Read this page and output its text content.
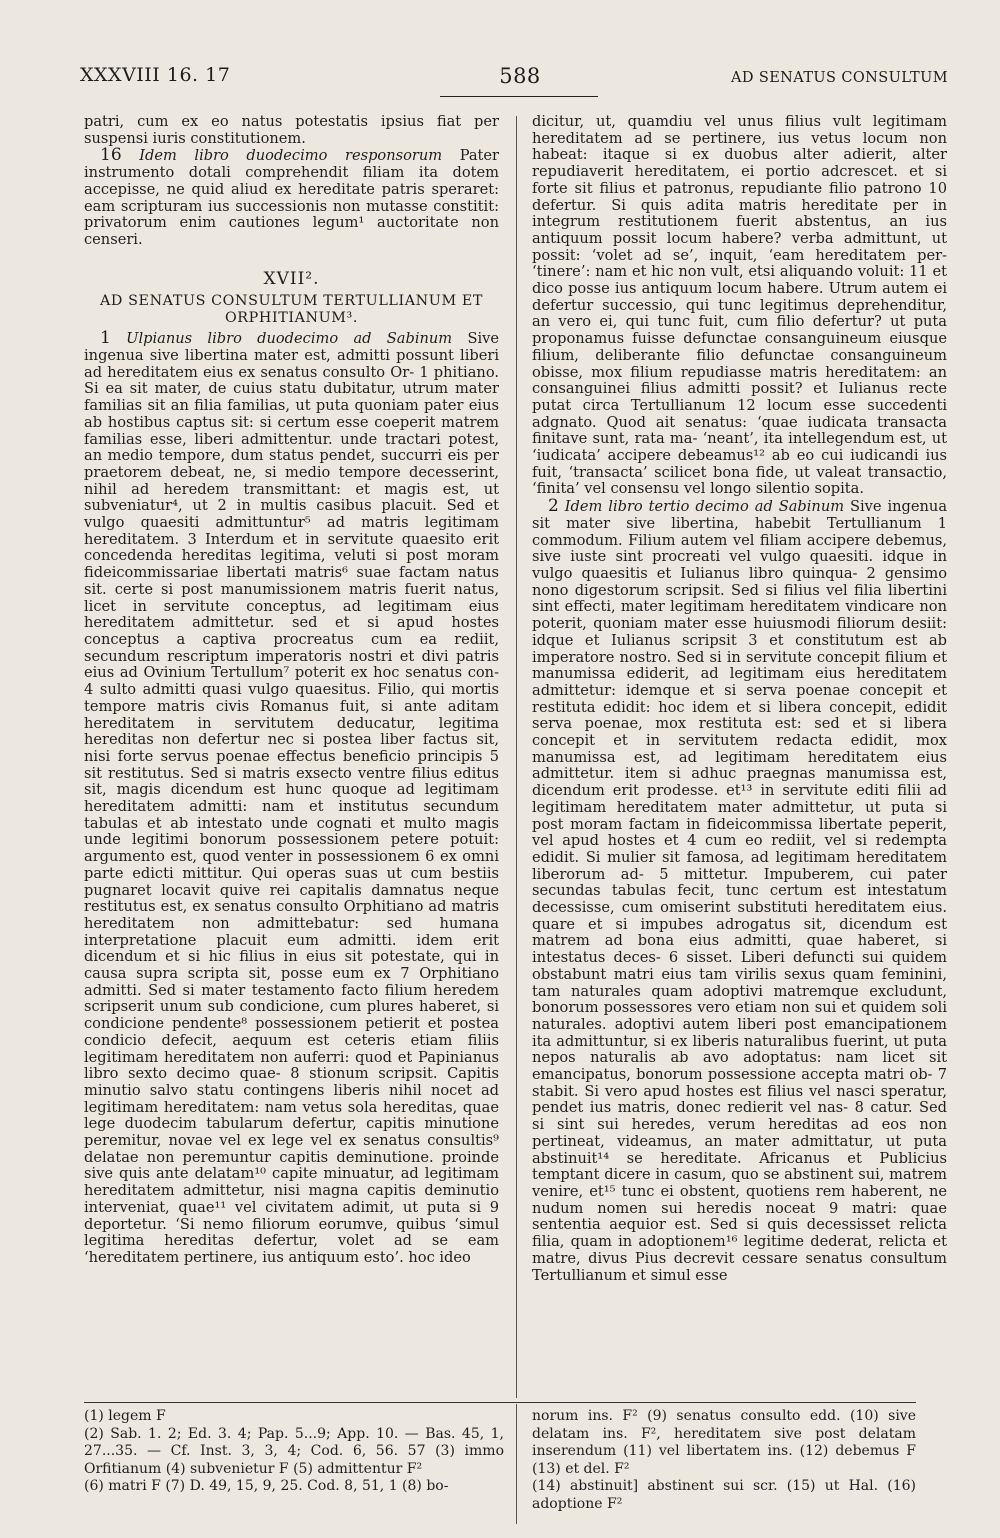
XXXVIII 16. 17	588	AD SENATUS CONSULTUM

patri, cum ex eo natus potestatis ipsius fiat per suspensi iuris constitutionem.

16 Idem libro duodecimo responsorum Pater instrumento dotali comprehendit filiam ita dotem accepisse, ne quid aliud ex hereditate patris speraret: eam scripturam ius successionis non mutasse constitit: privatorum enim cautiones legum¹ auctoritate non censeri.

XVII².

AD SENATUS CONSULTUM TERTULLIANUM ET ORPHITIANUM³.

1 Ulpianus libro duodecimo ad Sabinum Sive ingenua sive libertina mater est, admitti possunt liberi ad hereditatem eius ex senatus consulto Or- 1 phitiano. Si ea sit mater, de cuius statu dubitatur, utrum mater familias sit an filia familias, ut puta quoniam pater eius ab hostibus captus sit: si certum esse coeperit matrem familias esse, liberi admittentur. unde tractari potest, an medio tempore, dum status pendet, succurri eis per praetorem debeat, ne, si medio tempore decesserint, nihil ad heredem transmittant: et magis est, ut subveniatur⁴, ut 2 in multis casibus placuit. Sed et vulgo quaesiti admittuntur⁵ ad matris legitimam hereditatem. 3 Interdum et in servitute quaesito erit concedenda hereditas legitima, veluti si post moram fideicommissariae libertati matris⁶ suae factam natus sit. certe si post manumissionem matris fuerit natus, licet in servitute conceptus, ad legitimam eius hereditatem admittetur. sed et si apud hostes conceptus a captiva procreatus cum ea rediit, secundum rescriptum imperatoris nostri et divi patris eius ad Ovinium Tertullum⁷ poterit ex hoc senatus con- 4 sulto admitti quasi vulgo quaesitus. Filio, qui mortis tempore matris civis Romanus fuit, si ante aditam hereditatem in servitutem deducatur, legitima hereditas non defertur nec si postea liber factus sit, nisi forte servus poenae effectus beneficio principis 5 sit restitutus. Sed si matris exsecto ventre filius editus sit, magis dicendum est hunc quoque ad legitimam hereditatem admitti: nam et institutus secundum tabulas et ab intestato unde cognati et multo magis unde legitimi bonorum possessionem petere potuit: argumento est, quod venter in possessionem 6 ex omni parte edicti mittitur. Qui operas suas ut cum bestiis pugnaret locavit quive rei capitalis damnatus neque restitutus est, ex senatus consulto Orphitiano ad matris hereditatem non admittebatur: sed humana interpretatione placuit eum admitti. idem erit dicendum et si hic filius in eius sit potestate, qui in causa supra scripta sit, posse eum ex 7 Orphitiano admitti. Sed si mater testamento facto filium heredem scripserit unum sub condicione, cum plures haberet, si condicione pendente⁸ possessionem petierit et postea condicio defecit, aequum est ceteris etiam filiis legitimam hereditatem non auferri: quod et Papinianus libro sexto decimo quae- 8 stionum scripsit. Capitis minutio salvo statu contingens liberis nihil nocet ad legitimam hereditatem: nam vetus sola hereditas, quae lege duodecim tabularum defertur, capitis minutione peremitur, novae vel ex lege vel ex senatus consultis⁹ delatae non peremuntur capitis deminutione. proinde sive quis ante delatam¹⁰ capite minuatur, ad legitimam hereditatem admittetur, nisi magna capitis deminutio interveniat, quae¹¹ vel civitatem adimit, ut puta si 9 deportetur. ‘Si nemo filiorum eorumve, quibus ‘simul legitima hereditas defertur, volet ad se eam ‘hereditatem pertinere, ius antiquum esto’. hoc ideo

dicitur, ut, quamdiu vel unus filius vult legitimam hereditatem ad se pertinere, ius vetus locum non habeat: itaque si ex duobus alter adierit, alter repudiaverit hereditatem, ei portio adcrescet. et si forte sit filius et patronus, repudiante filio patrono 10 defertur. Si quis adita matris hereditate per in integrum restitutionem fuerit abstentus, an ius antiquum possit locum habere? verba admittunt, ut possit: ‘volet ad se’, inquit, ‘eam hereditatem per- ‘tinere’: nam et hic non vult, etsi aliquando voluit: 11 et dico posse ius antiquum locum habere. Utrum autem ei defertur successio, qui tunc legitimus deprehenditur, an vero ei, qui tunc fuit, cum filio defertur? ut puta proponamus fuisse defunctae consanguineum eiusque filium, deliberante filio defunctae consanguineum obisse, mox filium repudiasse matris hereditatem: an consanguinei filius admitti possit? et Iulianus recte putat circa Tertullianum 12 locum esse succedenti adgnato. Quod ait senatus: ‘quae iudicata transacta finitave sunt, rata ma- ‘neant’, ita intellegendum est, ut ‘iudicata’ accipere debeamus¹² ab eo cui iudicandi ius fuit, ‘transacta’ scilicet bona fide, ut valeat transactio, ‘finita’ vel consensu vel longo silentio sopita.

2 Idem libro tertio decimo ad Sabinum Sive ingenua sit mater sive libertina, habebit Tertullianum 1 commodum. Filium autem vel filiam accipere debemus, sive iuste sint procreati vel vulgo quaesiti. idque in vulgo quaesitis et Iulianus libro quinqua- 2 gensimo nono digestorum scripsit. Sed si filius vel filia libertini sint effecti, mater legitimam hereditatem vindicare non poterit, quoniam mater esse huiusmodi filiorum desiit: idque et Iulianus scripsit 3 et constitutum est ab imperatore nostro. Sed si in servitute concepit filium et manumissa ediderit, ad legitimam eius hereditatem admittetur: idemque et si serva poenae concepit et restituta edidit: hoc idem et si libera concepit, edidit serva poenae, mox restituta est: sed et si libera concepit et in servitutem redacta edidit, mox manumissa est, ad legitimam hereditatem eius admittetur. item si adhuc praegnas manumissa est, dicendum erit prodesse. et¹³ in servitute editi filii ad legitimam hereditatem mater admittetur, ut puta si post moram factam in fideicommissa libertate peperit, vel apud hostes et 4 cum eo rediit, vel si redempta edidit. Si mulier sit famosa, ad legitimam hereditatem liberorum ad- 5 mittetur. Impuberem, cui pater secundas tabulas fecit, tunc certum est intestatum decessisse, cum omiserint substituti hereditatem eius. quare et si impubes adrogatus sit, dicendum est matrem ad bona eius admitti, quae haberet, si intestatus deces- 6 sisset. Liberi defuncti sui quidem obstabunt matri eius tam virilis sexus quam feminini, tam naturales quam adoptivi matremque excludunt, bonorum possessores vero etiam non sui et quidem soli naturales. adoptivi autem liberi post emancipationem ita admittuntur, si ex liberis naturalibus fuerint, ut puta nepos naturalis ab avo adoptatus: nam licet sit emancipatus, bonorum possessione accepta matri ob- 7 stabit. Si vero apud hostes est filius vel nasci speratur, pendet ius matris, donec redierit vel nas- 8 catur. Sed si sint sui heredes, verum hereditas ad eos non pertineat, videamus, an mater admittatur, ut puta abstinuit¹⁴ se hereditate. Africanus et Publicius temptant dicere in casum, quo se abstinent sui, matrem venire, et¹⁵ tunc ei obstent, quotiens rem haberent, ne nudum nomen sui heredis noceat 9 matri: quae sententia aequior est. Sed si quis decessisset relicta filia, quam in adoptionem¹⁶ legitime dederat, relicta et matre, divus Pius decrevit cessare senatus consultum Tertullianum et simul esse

(1) legem F

(2) Sab. 1. 2; Ed. 3. 4; Pap. 5...9; App. 10. — Bas. 45, 1, 27...35. — Cf. Inst. 3, 3, 4; Cod. 6, 56. 57 (3) immo Orfitianum (4) subvenietur F (5) admittentur F²

(6) matri F (7) D. 49, 15, 9, 25. Cod. 8, 51, 1 (8) bo-

norum ins. F² (9) senatus consulto edd. (10) sive delatam ins. F², hereditatem sive post delatam inserendum (11) vel libertatem ins. (12) debemus F (13) et del. F²

(14) abstinuit] abstinent sui scr. (15) ut Hal. (16) adoptione F²
